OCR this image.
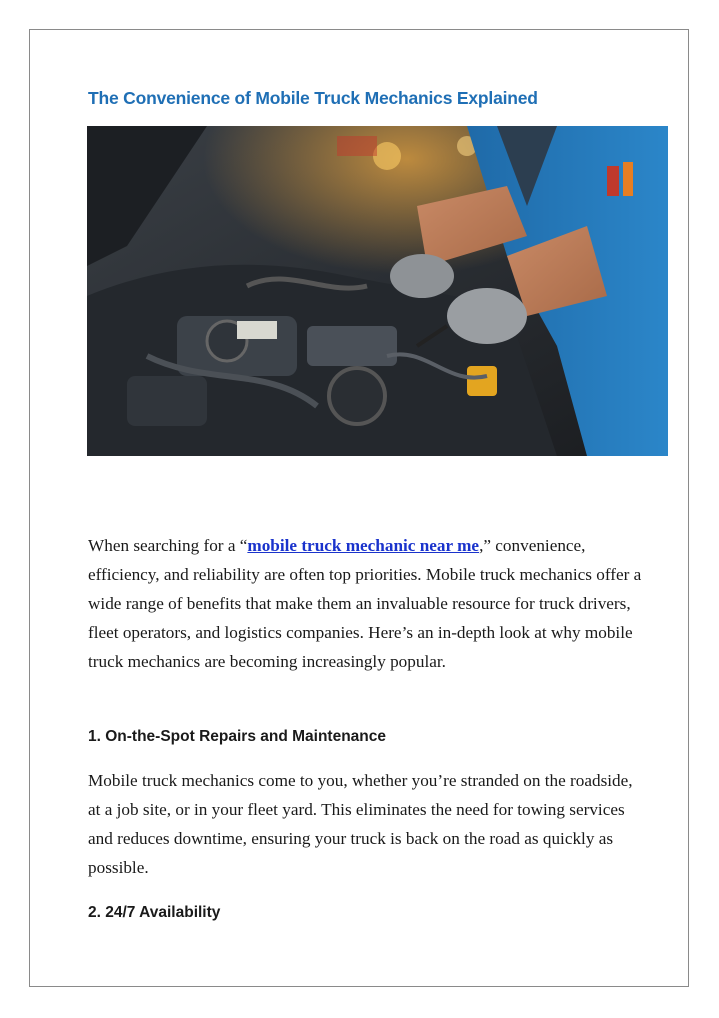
The Convenience of Mobile Truck Mechanics Explained
When searching for a “mobile truck mechanic near me,” convenience, efficiency, and reliability are often top priorities. Mobile truck mechanics offer a wide range of benefits that make them an invaluable resource for truck drivers, fleet operators, and logistics companies. Here’s an in-depth look at why mobile truck mechanics are becoming increasingly popular.
1. On-the-Spot Repairs and Maintenance
Mobile truck mechanics come to you, whether you’re stranded on the roadside, at a job site, or in your fleet yard. This eliminates the need for towing services and reduces downtime, ensuring your truck is back on the road as quickly as possible.
2. 24/7 Availability
